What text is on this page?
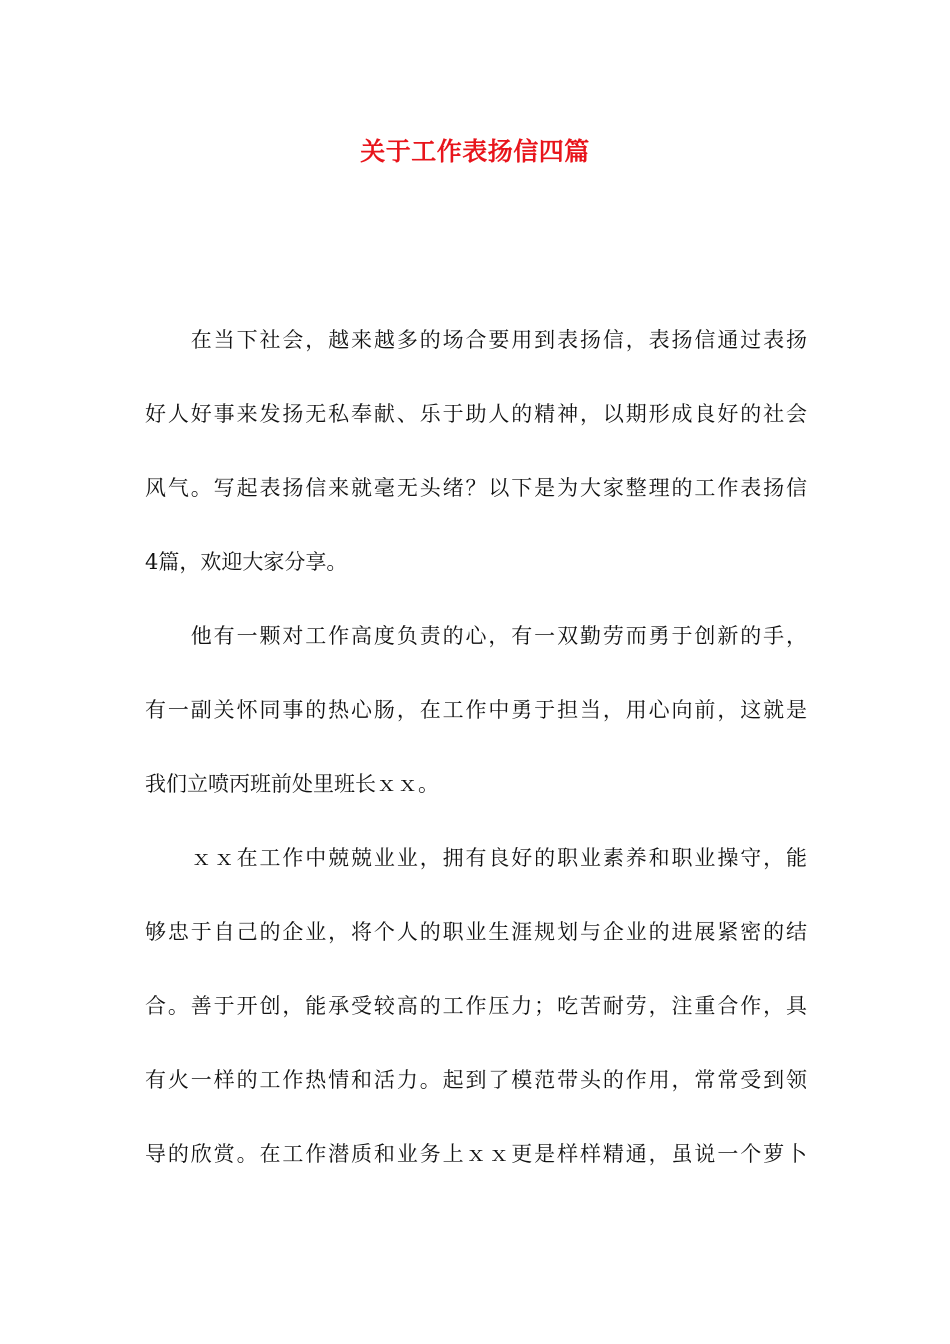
关于工作表扬信四篇
　　在当下社会，越来越多的场合要用到表扬信，表扬信通过表扬
好人好事来发扬无私奉献、乐于助人的精神，以期形成良好的社会
风气。写起表扬信来就毫无头绪？以下是为大家整理的工作表扬信
4篇，欢迎大家分享。
　　他有一颗对工作高度负责的心，有一双勤劳而勇于创新的手，
有一副关怀同事的热心肠，在工作中勇于担当，用心向前，这就是
我们立喷丙班前处里班长ｘｘ。
　　ｘｘ在工作中兢兢业业，拥有良好的职业素养和职业操守，能
够忠于自己的企业，将个人的职业生涯规划与企业的进展紧密的结
合。善于开创，能承受较高的工作压力；吃苦耐劳，注重合作，具
有火一样的工作热情和活力。起到了模范带头的作用，常常受到领
导的欣赏。在工作潜质和业务上ｘｘ更是样样精通，虽说一个萝卜
